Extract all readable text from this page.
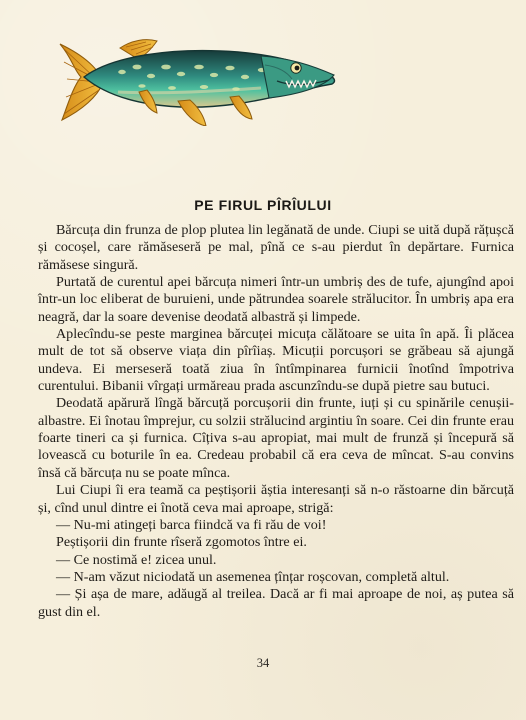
PE FIRUL PÎRÎULUI

Bărcuța din frunza de plop plutea lin legănată de unde. Ciupi se uită după rățușcă și cocoșel, care rămăseseră pe mal, pînă ce s-au pierdut în depărtare. Furnica rămăsese singură.

Purtată de curentul apei bărcuța nimeri într-un umbriș des de tufe, ajungînd apoi într-un loc eliberat de buruieni, unde pătrundea soarele strălucitor. În umbriș apa era neagră, dar la soare devenise deodată albastră și limpede.

Aplecîndu-se peste marginea bărcuței micuța călătoare se uita în apă. Îi plăcea mult de tot să observe viața din pîrîiaș. Micuții porcușori se grăbeau să ajungă undeva. Ei merseseră toată ziua în întîmpinarea furnicii înotînd împotriva curentului. Bibanii vîrgați urmăreau prada ascunzîndu-se după pietre sau butuci.

Deodată apărură lîngă bărcuță porcușorii din frunte, iuți și cu spinările cenușii-albastre. Ei înotau împrejur, cu solzii strălucind argintiu în soare. Cei din frunte erau foarte tineri ca și furnica. Cîțiva s-au apropiat, mai mult de frunză și începură să lovească cu boturile în ea. Credeau probabil că era ceva de mîncat. S-au convins însă că bărcuța nu se poate mînca.

Lui Ciupi îi era teamă ca peștișorii ăștia interesanți să n-o răstoarne din bărcuță și, cînd unul dintre ei înotă ceva mai aproape, strigă:

— Nu-mi atingeți barca fiindcă va fi rău de voi!

Peștișorii din frunte rîseră zgomotos între ei.

— Ce nostimă e! zicea unul.

— N-am văzut niciodată un asemenea țînțar roșcovan, completă altul.

— Și așa de mare, adăugă al treilea. Dacă ar fi mai aproape de noi, aș putea să gust din el.

34
